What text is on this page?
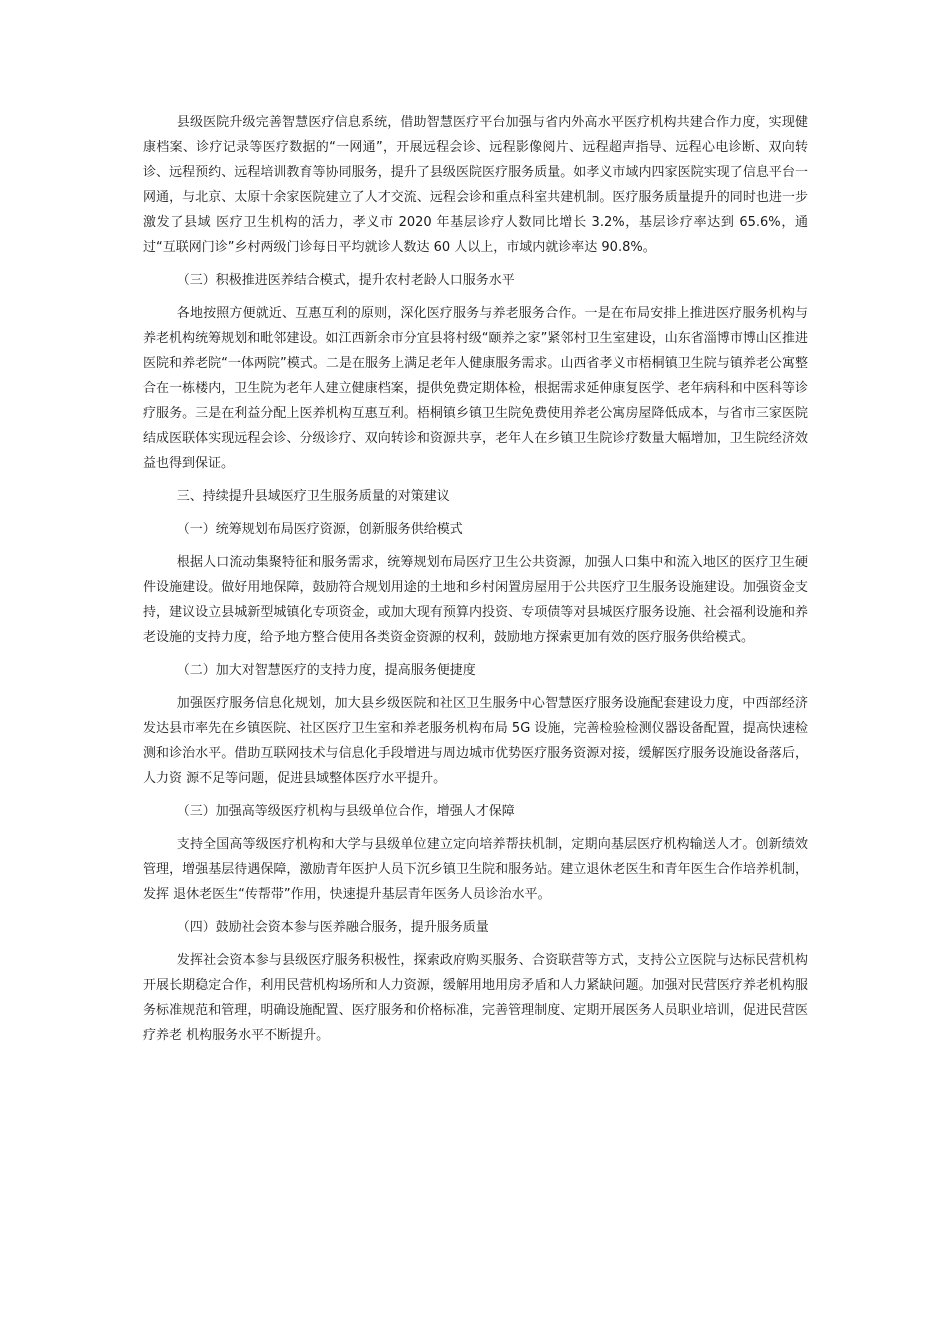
县级医院升级完善智慧医疗信息系统，借助智慧医疗平台加强与省内外高水平医疗机构共建合作力度，实现健康档案、诊疗记录等医疗数据的“一网通”，开展远程会诊、远程影像阅片、远程超声指导、远程心电诊断、双向转诊、远程预约、远程培训教育等协同服务，提升了县级医院医疗服务质量。如孝义市域内四家医院实现了信息平台一网通，与北京、太原十余家医院建立了人才交流、远程会诊和重点科室共建机制。医疗服务质量提升的同时也进一步激发了县域 医疗卫生机构的活力，孝义市 2020 年基层诊疗人数同比增长 3.2%，基层诊疗率达到 65.6%，通过“互联网门诊”乡村两级门诊每日平均就诊人数达 60 人以上，市域内就诊率达 90.8%。

（三）积极推进医养结合模式，提升农村老龄人口服务水平

各地按照方便就近、互惠互利的原则，深化医疗服务与养老服务合作。一是在布局安排上推进医疗服务机构与养老机构统筹规划和毗邻建设。如江西新余市分宜县将村级“颐养之家”紧邻村卫生室建设，山东省淄博市博山区推进医院和养老院“一体两院”模式。二是在服务上满足老年人健康服务需求。山西省孝义市梧桐镇卫生院与镇养老公寓整合在一栋楼内，卫生院为老年人建立健康档案，提供免费定期体检，根据需求延伸康复医学、老年病科和中医科等诊疗服务。三是在利益分配上医养机构互惠互利。梧桐镇乡镇卫生院免费使用养老公寓房屋降低成本，与省市三家医院结成医联体实现远程会诊、分级诊疗、双向转诊和资源共享，老年人在乡镇卫生院诊疗数量大幅增加，卫生院经济效益也得到保证。

三、持续提升县域医疗卫生服务质量的对策建议

（一）统筹规划布局医疗资源，创新服务供给模式

根据人口流动集聚特征和服务需求，统筹规划布局医疗卫生公共资源，加强人口集中和流入地区的医疗卫生硬件设施建设。做好用地保障，鼓励符合规划用途的土地和乡村闲置房屋用于公共医疗卫生服务设施建设。加强资金支持，建议设立县城新型城镇化专项资金，或加大现有预算内投资、专项债等对县城医疗服务设施、社会福利设施和养老设施的支持力度，给予地方整合使用各类资金资源的权利，鼓励地方探索更加有效的医疗服务供给模式。

（二）加大对智慧医疗的支持力度，提高服务便捷度

加强医疗服务信息化规划，加大县乡级医院和社区卫生服务中心智慧医疗服务设施配套建设力度，中西部经济发达县市率先在乡镇医院、社区医疗卫生室和养老服务机构布局 5G 设施，完善检验检测仪器设备配置，提高快速检测和诊治水平。借助互联网技术与信息化手段增进与周边城市优势医疗服务资源对接，缓解医疗服务设施设备落后，人力资 源不足等问题，促进县域整体医疗水平提升。

（三）加强高等级医疗机构与县级单位合作，增强人才保障

支持全国高等级医疗机构和大学与县级单位建立定向培养帮扶机制，定期向基层医疗机构输送人才。创新绩效管理，增强基层待遇保障，激励青年医护人员下沉乡镇卫生院和服务站。建立退休老医生和青年医生合作培养机制，发挥 退休老医生“传帮带”作用，快速提升基层青年医务人员诊治水平。

（四）鼓励社会资本参与医养融合服务，提升服务质量

发挥社会资本参与县级医疗服务积极性，探索政府购买服务、合资联营等方式，支持公立医院与达标民营机构开展长期稳定合作，利用民营机构场所和人力资源，缓解用地用房矛盾和人力紧缺问题。加强对民营医疗养老机构服务标准规范和管理，明确设施配置、医疗服务和价格标准，完善管理制度、定期开展医务人员职业培训，促进民营医疗养老 机构服务水平不断提升。
